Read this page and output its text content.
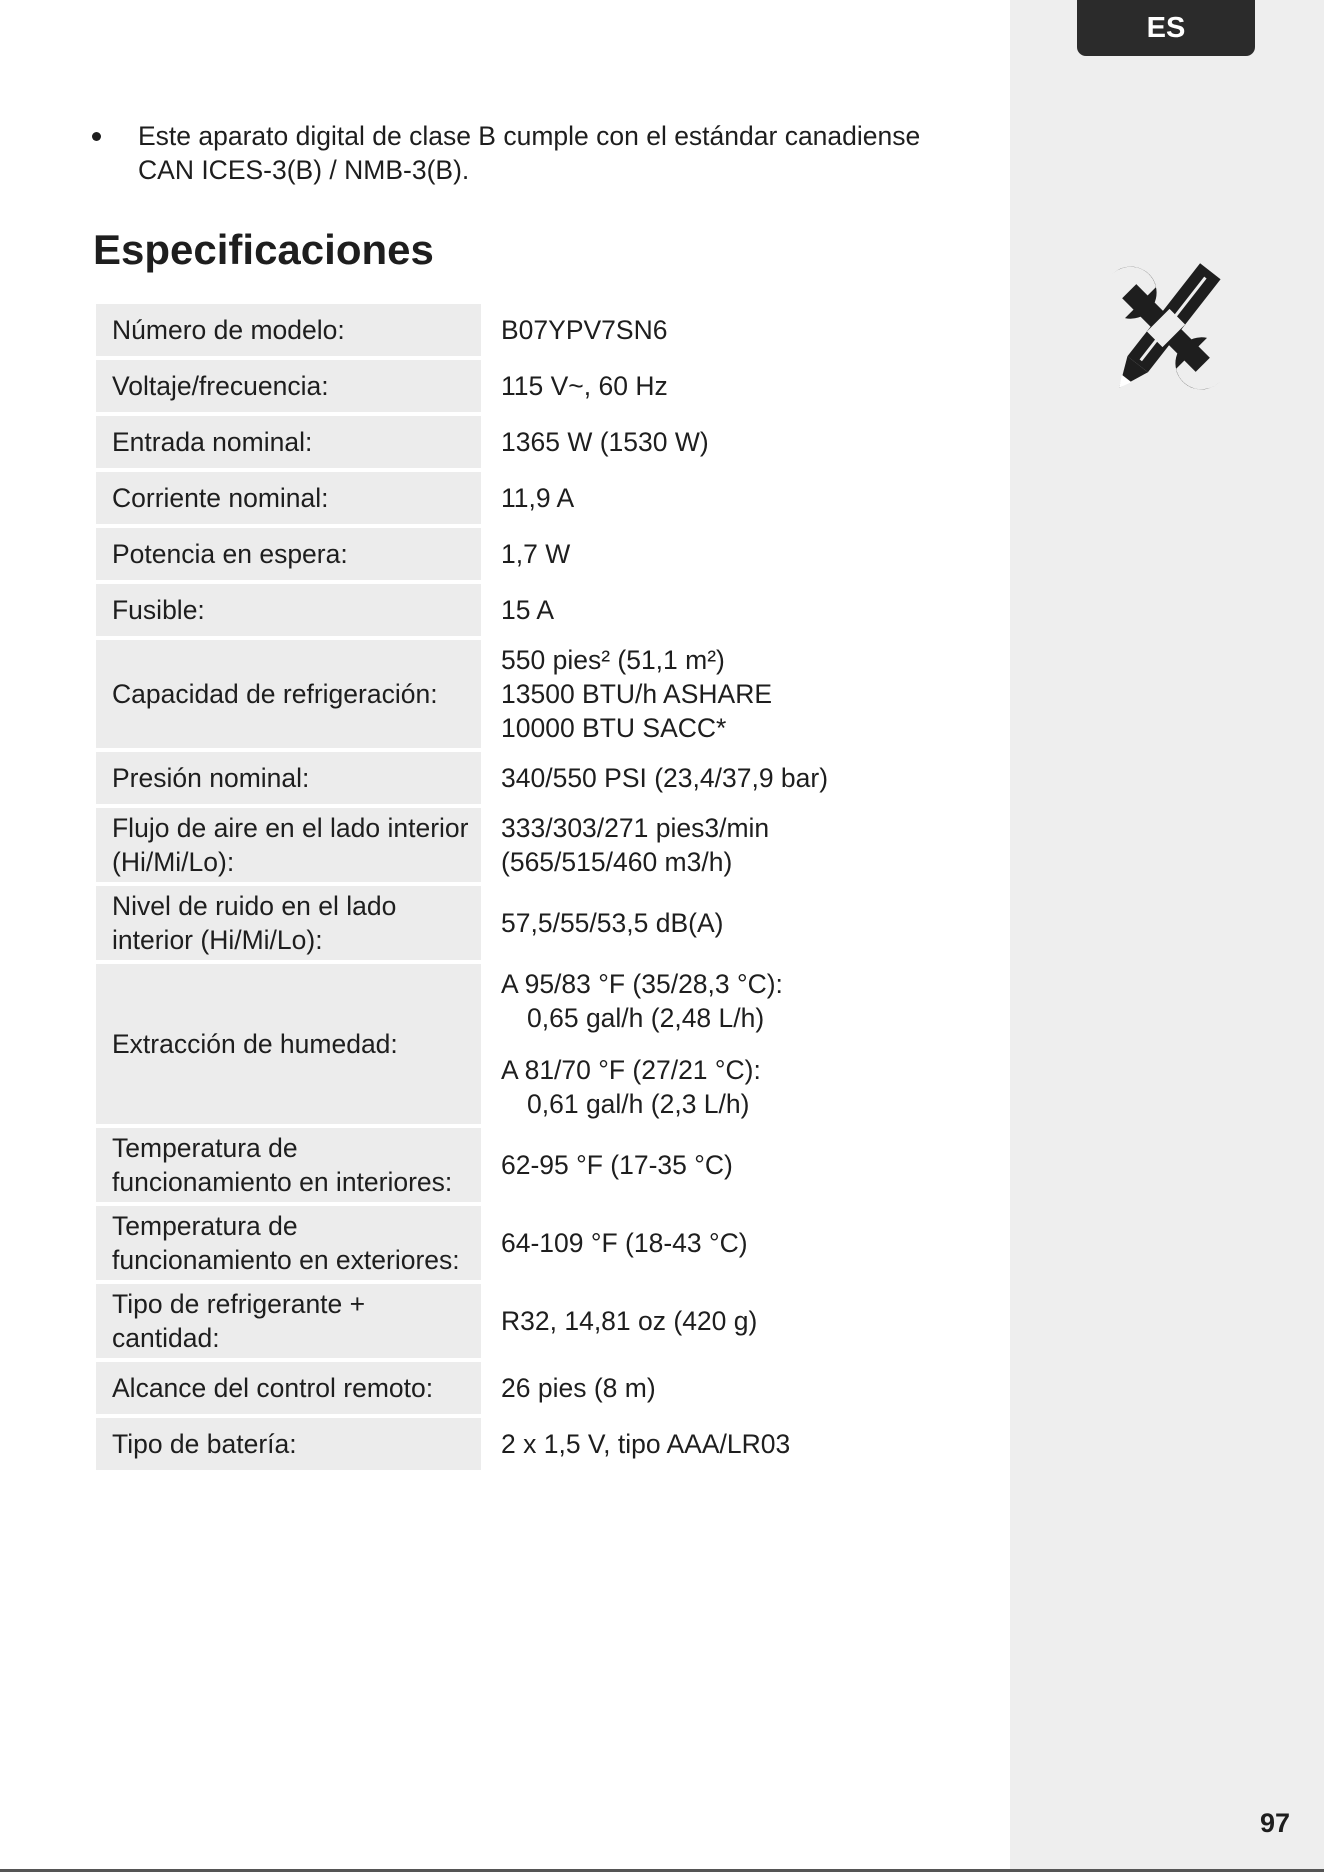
ES
Este aparato digital de clase B cumple con el estándar canadiense
CAN ICES-3(B) / NMB-3(B).
Especificaciones
Número de modelo:	B07YPV7SN6

Voltaje/frecuencia:	115 V~, 60 Hz

Entrada nominal:	1365 W (1530 W)

Corriente nominal:	11,9 A

Potencia en espera:	1,7 W

Fusible:	15 A

Capacidad de refrigeración:	550 pies² (51,1 m²)
13500 BTU/h ASHARE
10000 BTU SACC*

Presión nominal:	340/550 PSI (23,4/37,9 bar)

Flujo de aire en el lado interior (Hi/Mi/Lo):	333/303/271 pies3/min
(565/515/460 m3/h)

Nivel de ruido en el lado interior (Hi/Mi/Lo):	57,5/55/53,5 dB(A)

Extracción de humedad:	A 95/83 °F (35/28,3 °C):
0,65 gal/h (2,48 L/h)
A 81/70 °F (27/21 °C):
0,61 gal/h (2,3 L/h)

Temperatura de funcionamiento en interiores:	62-95 °F (17-35 °C)

Temperatura de funcionamiento en exteriores:	64-109 °F (18-43 °C)

Tipo de refrigerante + cantidad:	R32, 14,81 oz (420 g)

Alcance del control remoto:	26 pies (8 m)

Tipo de batería:	2 x 1,5 V, tipo AAA/LR03
97
